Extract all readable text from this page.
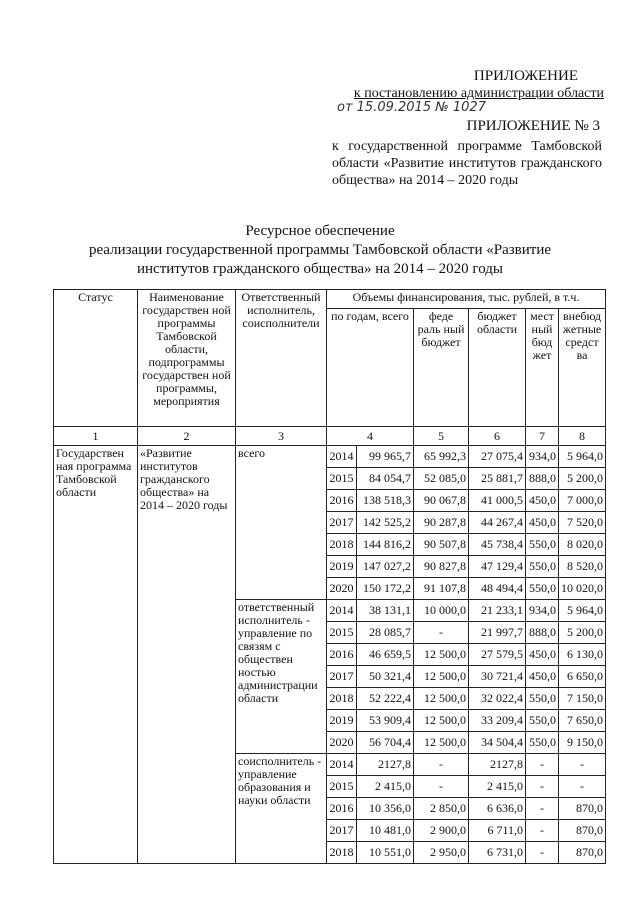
ПРИЛОЖЕНИЕ
к постановлению администрации области
от 15.09.2015 № 1027
ПРИЛОЖЕНИЕ № 3
к государственной программе Тамбовской области «Развитие институтов гражданского общества» на 2014 – 2020 годы
Ресурсное обеспечение
реализации государственной программы Тамбовской области «Развитие
институтов гражданского общества» на 2014 – 2020 годы
Статус	Наименование государствен ной программы Тамбовской области, подпрограммы государствен ной программы, мероприятия	Ответственный исполнитель, соисполнители	Объемы финансирования, тыс. рублей, в т.ч.					
			по годам, всего		феде раль ный бюджет	бюджет области	мест ный бюд жет	внебюд жетные средст ва
1	2	3	4		5	6	7	8
Государствен ная программа Тамбовской области	«Развитие институтов гражданского общества» на 2014 – 2020 годы	всего	2014	99 965,7	65 992,3	27 075,4	934,0	5 964,0
			2015	84 054,7	52 085,0	25 881,7	888,0	5 200,0
			2016	138 518,3	90 067,8	41 000,5	450,0	7 000,0
			2017	142 525,2	90 287,8	44 267,4	450,0	7 520,0
			2018	144 816,2	90 507,8	45 738,4	550,0	8 020,0
			2019	147 027,2	90 827,8	47 129,4	550,0	8 520,0
			2020	150 172,2	91 107,8	48 494,4	550,0	10 020,0
		ответственный исполнитель - управление по связям с обществен ностью администрации области	2014	38 131,1	10 000,0	21 233,1	934,0	5 964,0
			2015	28 085,7	-	21 997,7	888,0	5 200,0
			2016	46 659,5	12 500,0	27 579,5	450,0	6 130,0
			2017	50 321,4	12 500,0	30 721,4	450,0	6 650,0
			2018	52 222,4	12 500,0	32 022,4	550,0	7 150,0
			2019	53 909,4	12 500,0	33 209,4	550,0	7 650,0
			2020	56 704,4	12 500,0	34 504,4	550,0	9 150,0
		соисполнитель - управление образования и науки области	2014	2127,8	-	2127,8	-	-
			2015	2 415,0	-	2 415,0	-	-
			2016	10 356,0	2 850,0	6 636,0	-	870,0
			2017	10 481,0	2 900,0	6 711,0	-	870,0
			2018	10 551,0	2 950,0	6 731,0	-	870,0
